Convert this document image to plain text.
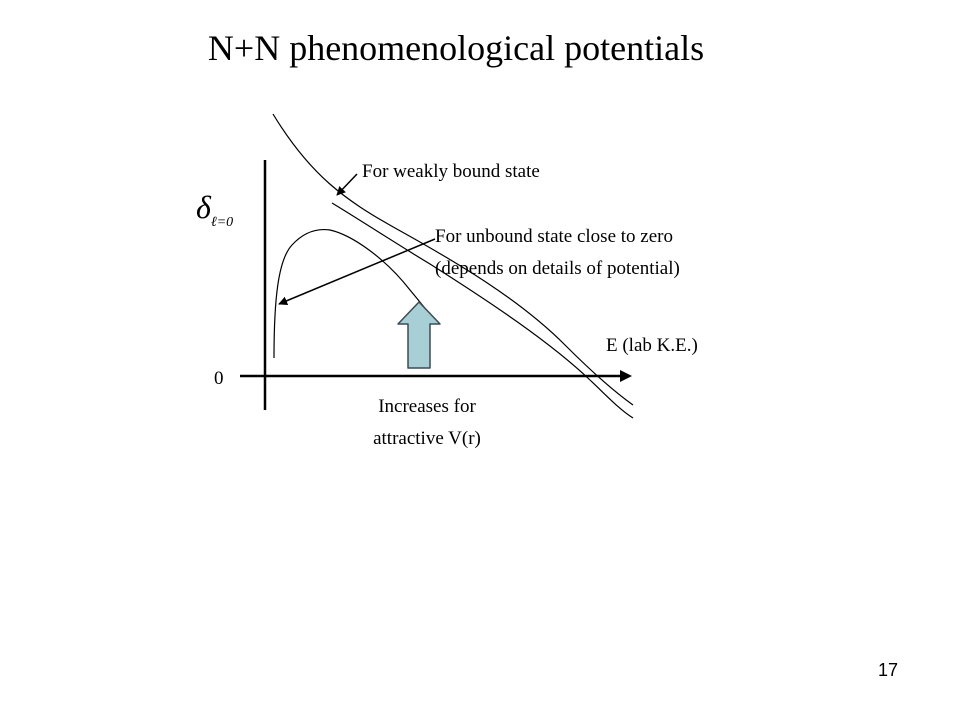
N+N phenomenological potentials
$\delta_{\ell=0}$
0
E (lab K.E.)
For weakly bound state
For unbound state close to zero
(depends on details of potential)
Increases for
attractive V(r)
17
